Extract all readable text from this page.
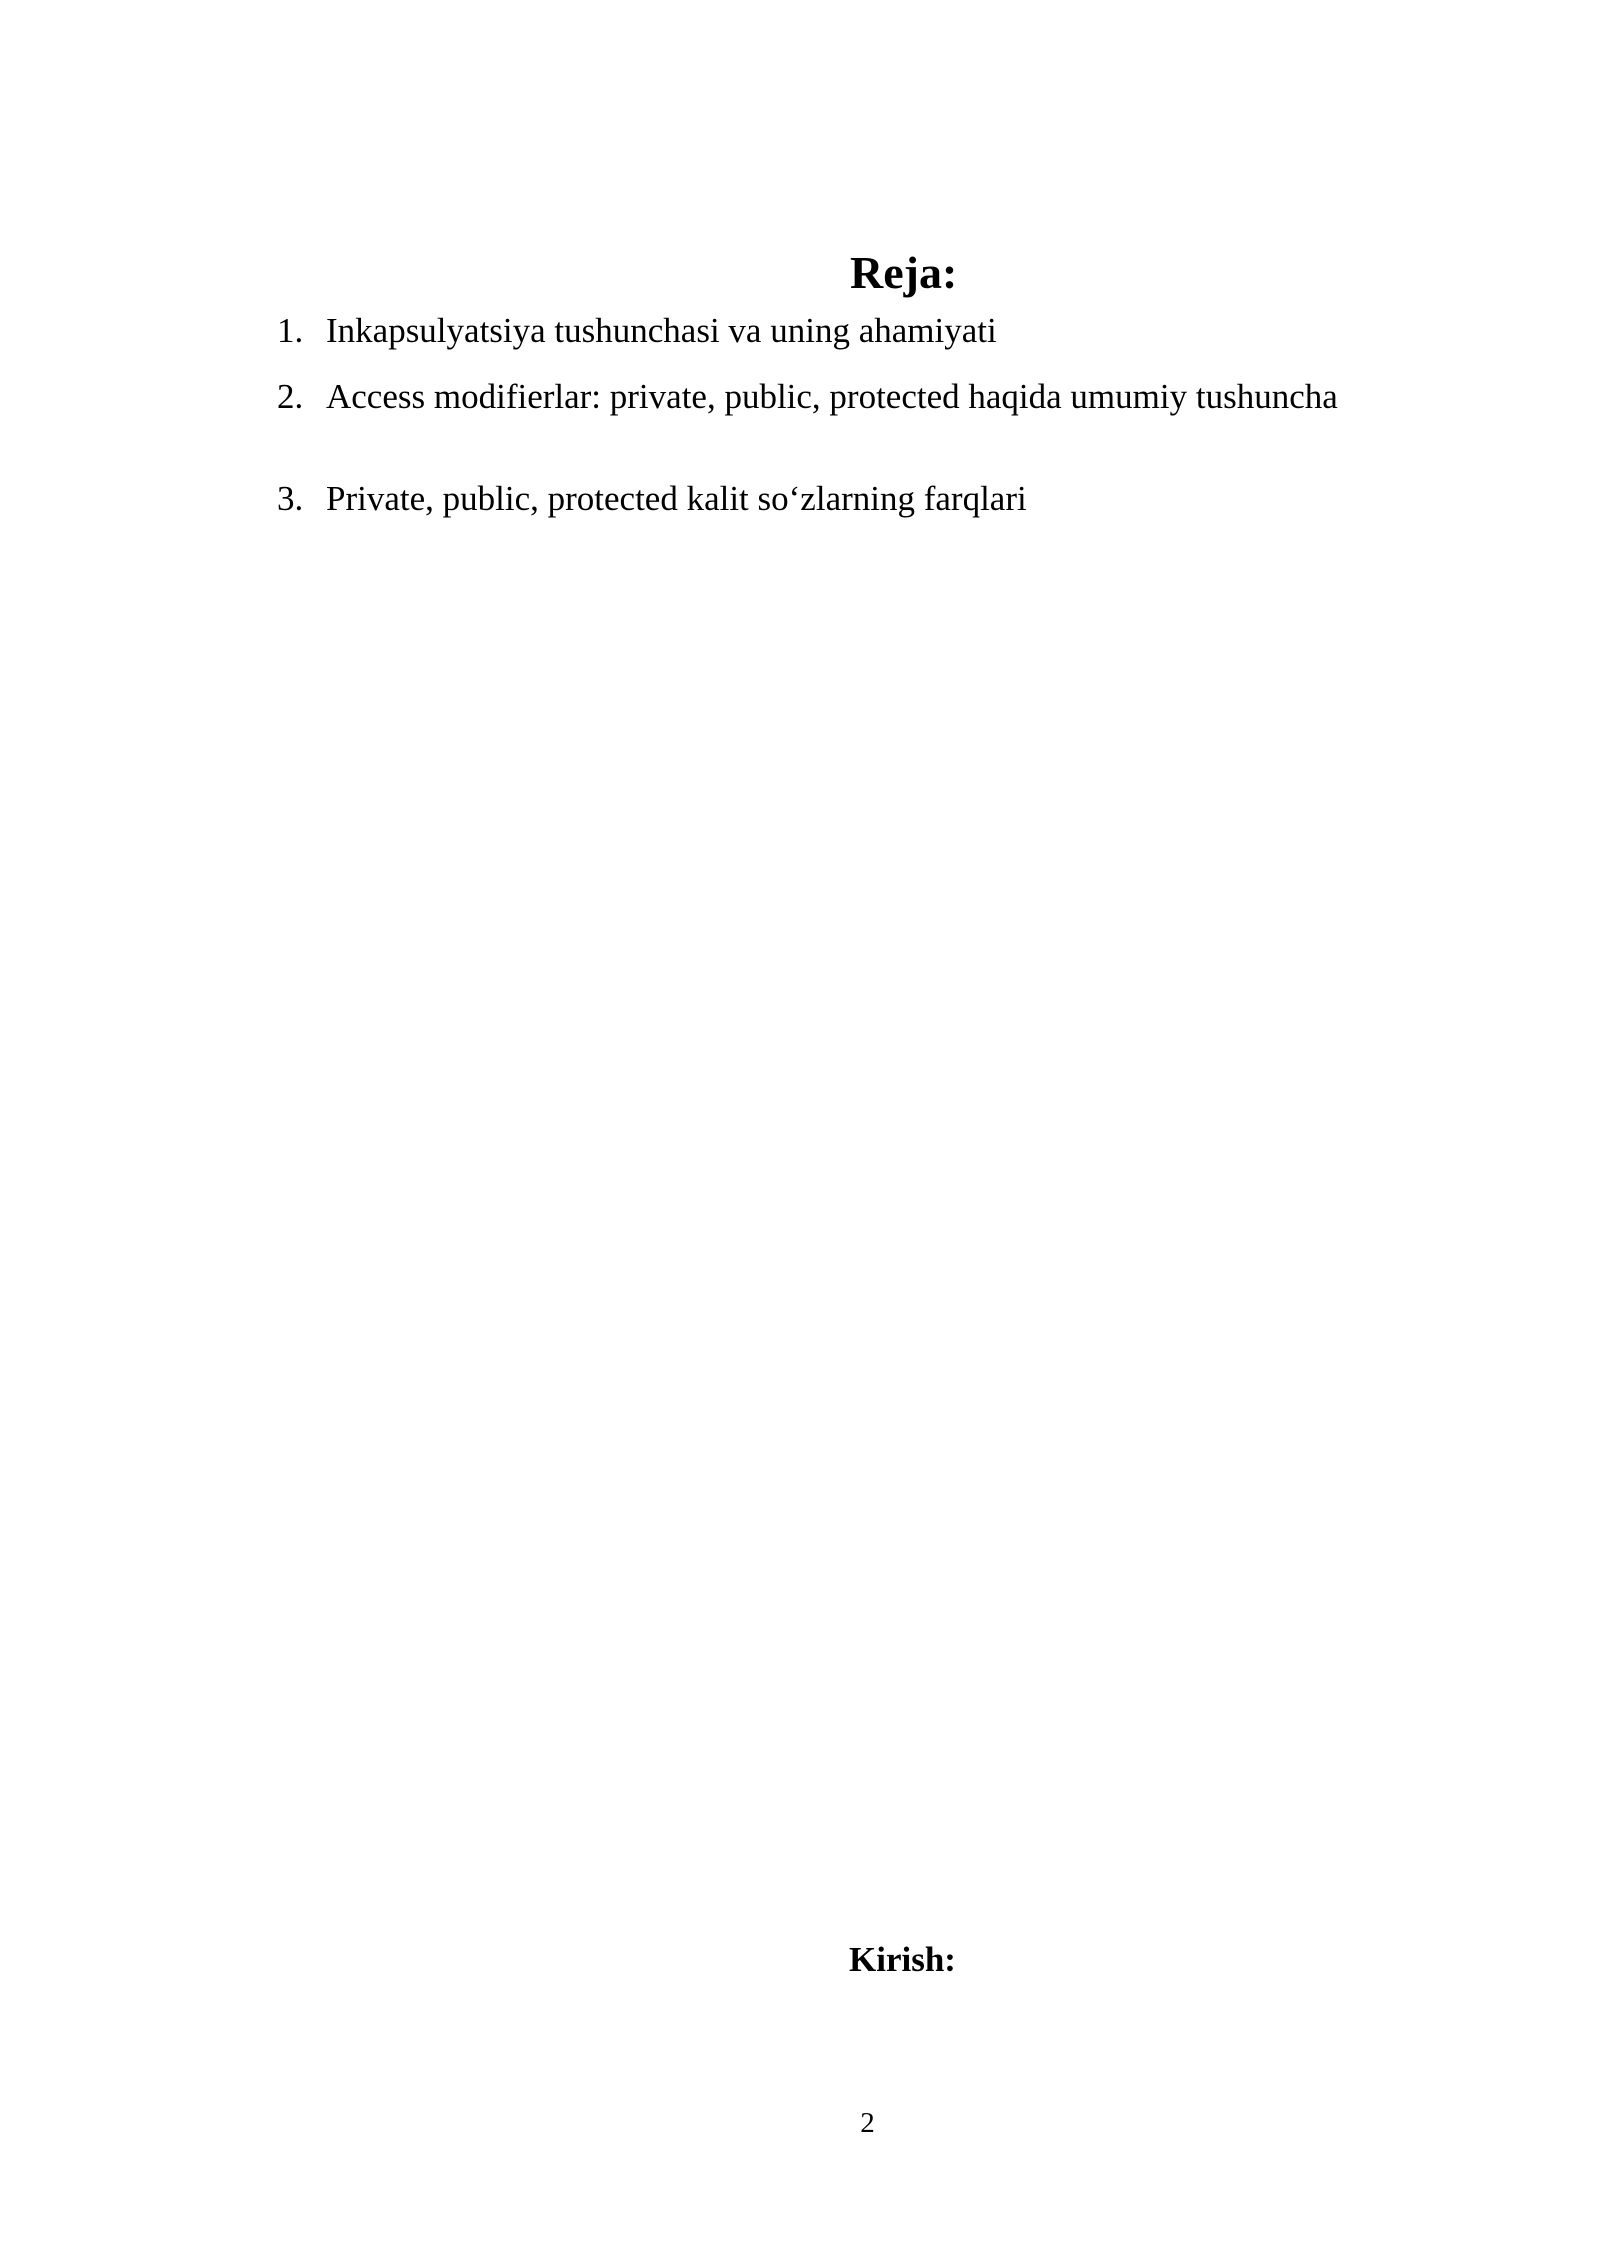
Reja:
1. Inkapsulyatsiya tushunchasi va uning ahamiyati
2. Access modifierlar: private, public, protected haqida umumiy tushuncha
3. Private, public, protected kalit so‘zlarning farqlari
Kirish:
2
